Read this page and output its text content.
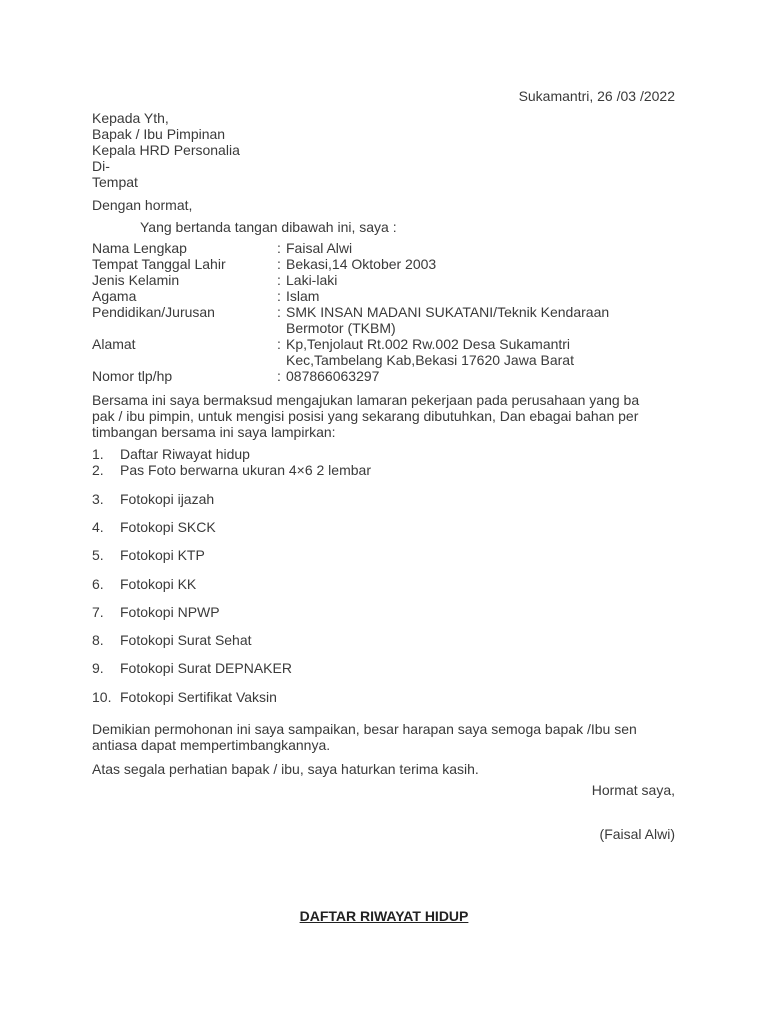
Sukamantri, 26 /03 /2022
Kepada Yth,
Bapak / Ibu Pimpinan
Kepala HRD Personalia
Di-
Tempat
Dengan hormat,
Yang bertanda tangan dibawah ini, saya :
Nama Lengkap	: Faisal Alwi
Tempat Tanggal Lahir	: Bekasi,14 Oktober 2003
Jenis Kelamin	: Laki-laki
Agama	: Islam
Pendidikan/Jurusan	: SMK INSAN MADANI SUKATANI/Teknik Kendaraan
Bermotor (TKBM)
Alamat	: Kp,Tenjolaut Rt.002 Rw.002 Desa Sukamantri
Kec,Tambelang Kab,Bekasi 17620 Jawa Barat
Nomor tlp/hp	: 087866063297
Bersama ini saya bermaksud mengajukan lamaran pekerjaan pada perusahaan yang ba
pak / ibu pimpin, untuk mengisi posisi yang sekarang dibutuhkan, Dan ebagai bahan per
timbangan bersama ini saya lampirkan:
1.	Daftar Riwayat hidup
2.	Pas Foto berwarna ukuran 4×6 2 lembar
3.	Fotokopi ijazah
4.	Fotokopi SKCK
5.	Fotokopi KTP
6.	Fotokopi KK
7.	Fotokopi NPWP
8.	Fotokopi Surat Sehat
9.	Fotokopi Surat DEPNAKER
10. Fotokopi Sertifikat Vaksin
Demikian permohonan ini saya sampaikan, besar harapan saya semoga bapak /Ibu sen
antiasa dapat mempertimbangkannya.
Atas segala perhatian bapak / ibu, saya haturkan terima kasih.
Hormat saya,
(Faisal Alwi)
DAFTAR RIWAYAT HIDUP
